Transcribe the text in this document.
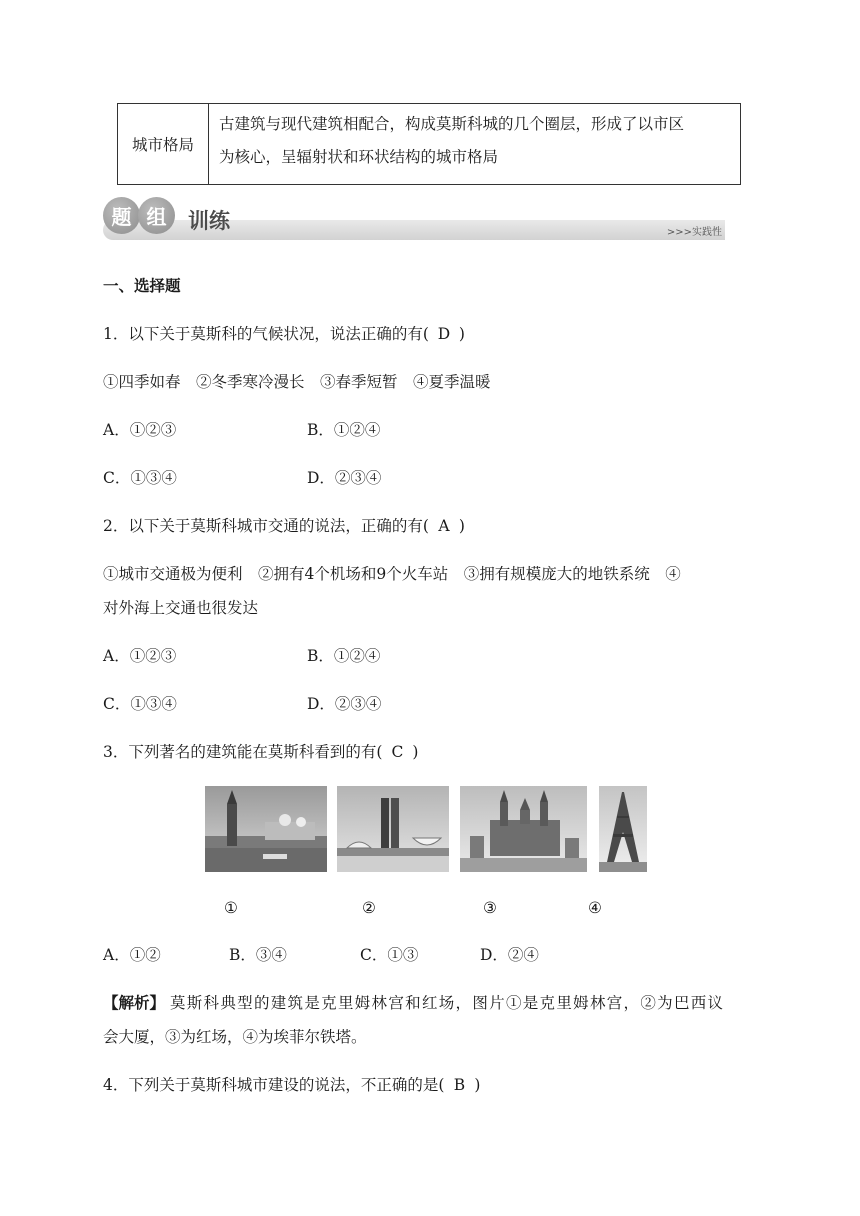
城市格局
古建筑与现代建筑相配合，构成莫斯科城的几个圈层，形成了以市区
为核心，呈辐射状和环状结构的城市格局
题 组	训练	>>>实践性
一、选择题
1．以下关于莫斯科的气候状况，说法正确的有( D )
①四季如春　②冬季寒冷漫长　③春季短暂　④夏季温暖
A．①②③	B．①②④
C．①③④	D．②③④
2．以下关于莫斯科城市交通的说法，正确的有( A )
①城市交通极为便利　②拥有4个机场和9个火车站　③拥有规模庞大的地铁系统　④
对外海上交通也很发达
A．①②③	B．①②④
C．①③④	D．②③④
3．下列著名的建筑能在莫斯科看到的有( C )
①	②	③	④
A．①②	B．③④	C．①③	D．②④
【解析】 莫斯科典型的建筑是克里姆林宫和红场，图片①是克里姆林宫，②为巴西议
会大厦，③为红场，④为埃菲尔铁塔。
4．下列关于莫斯科城市建设的说法，不正确的是( B )
